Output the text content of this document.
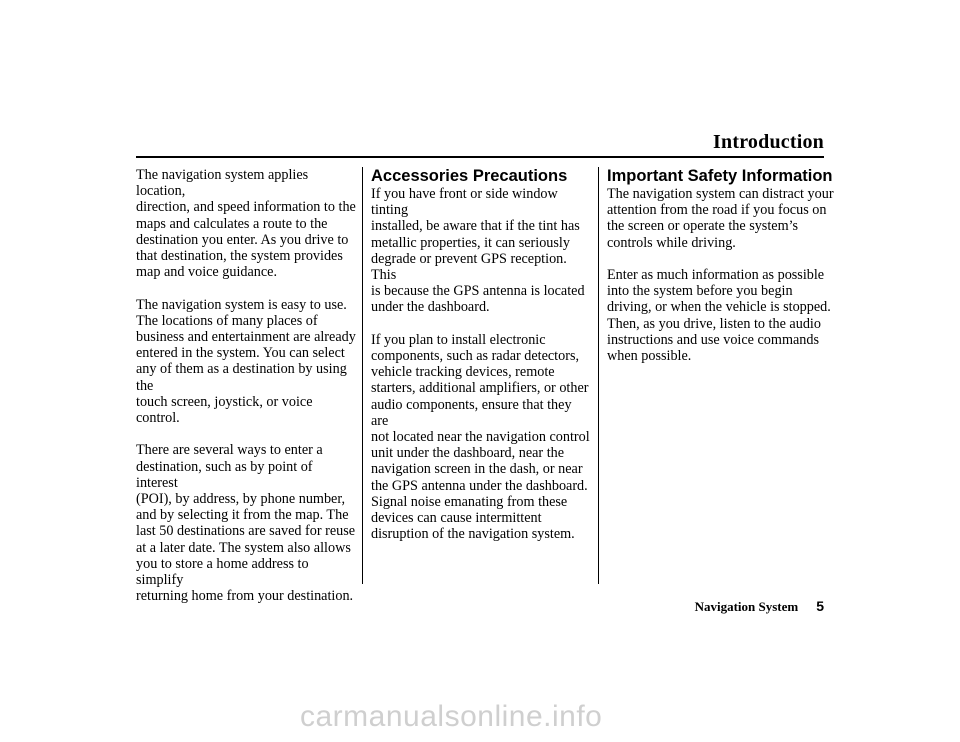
Introduction

The navigation system applies location,
direction, and speed information to the
maps and calculates a route to the
destination you enter. As you drive to
that destination, the system provides
map and voice guidance.

The navigation system is easy to use.
The locations of many places of
business and entertainment are already
entered in the system. You can select
any of them as a destination by using the
touch screen, joystick, or voice control.

There are several ways to enter a
destination, such as by point of interest
(POI), by address, by phone number,
and by selecting it from the map. The
last 50 destinations are saved for reuse
at a later date. The system also allows
you to store a home address to simplify
returning home from your destination.

Accessories Precautions

If you have front or side window tinting
installed, be aware that if the tint has
metallic properties, it can seriously
degrade or prevent GPS reception. This
is because the GPS antenna is located
under the dashboard.

If you plan to install electronic
components, such as radar detectors,
vehicle tracking devices, remote
starters, additional amplifiers, or other
audio components, ensure that they are
not located near the navigation control
unit under the dashboard, near the
navigation screen in the dash, or near
the GPS antenna under the dashboard.
Signal noise emanating from these
devices can cause intermittent
disruption of the navigation system.

Important Safety Information

The navigation system can distract your
attention from the road if you focus on
the screen or operate the system’s
controls while driving.

Enter as much information as possible
into the system before you begin
driving, or when the vehicle is stopped.
Then, as you drive, listen to the audio
instructions and use voice commands
when possible.

Navigation System 5
carmanualsonline.info
